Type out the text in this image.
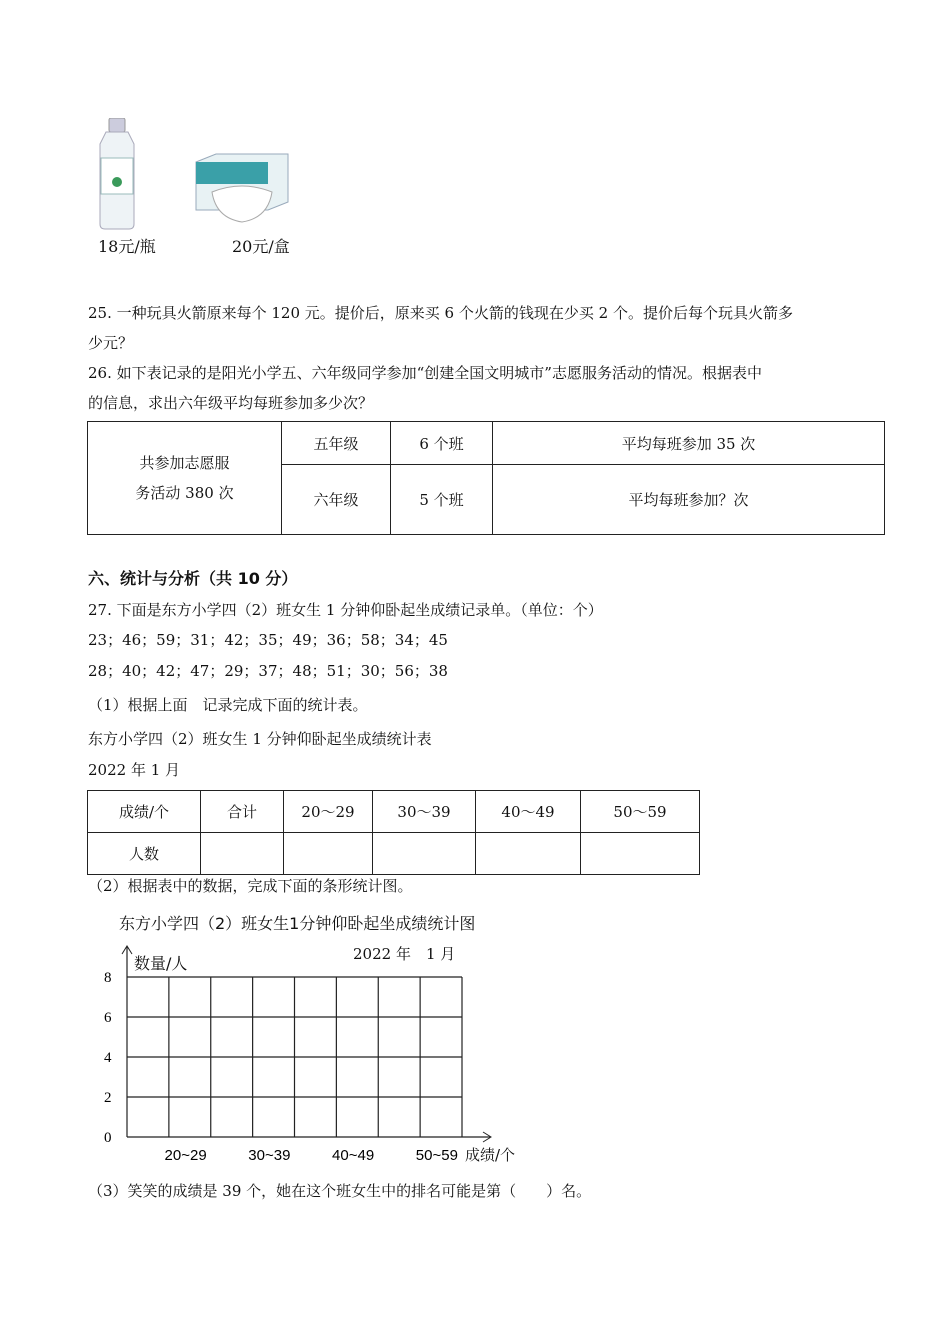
18元/瓶	20元/盒
25. 一种玩具火箭原来每个 120 元。提价后，原来买 6 个火箭的钱现在少买 2 个。提价后每个玩具火箭多
少元？
26. 如下表记录的是阳光小学五、六年级同学参加“创建全国文明城市”志愿服务活动的情况。根据表中
的信息，求出六年级平均每班参加多少次？
共参加志愿服
务活动 380 次	五年级	6 个班	平均每班参加 35 次
	六年级	5 个班	平均每班参加？次
六、统计与分析（共 10 分）
27. 下面是东方小学四（2）班女生 1 分钟仰卧起坐成绩记录单。（单位：个）
23；46；59；31；42；35；49；36；58；34；45
28；40；42；47；29；37；48；51；30；56；38
（1）根据上面　记录完成下面的统计表。
东方小学四（2）班女生 1 分钟仰卧起坐成绩统计表
2022 年 1 月
成绩/个	合计	20～29	30～39	40～49	50～59
人数					
（2）根据表中的数据，完成下面的条形统计图。
东方小学四（2）班女生1分钟仰卧起坐成绩统计图
2022 年　1 月
数量/人
成绩/个
0
2
4
6
8
20~29	30~39	40~49	50~59
（3）笑笑的成绩是 39 个，她在这个班女生中的排名可能是第（　　）名。
